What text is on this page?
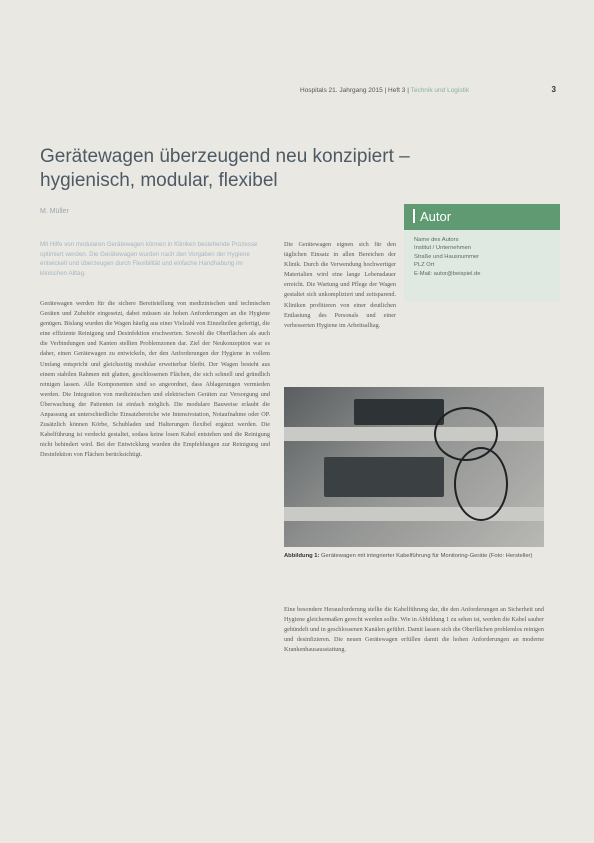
Hospitals 21. Jahrgang 2015 | Heft 3 | Technik und Logistik	3
Gerätewagen überzeugend neu konzipiert – hygienisch, modular, flexibel
M. Müller

Mit Hilfe von modularen Gerätewagen können in Kliniken bestehende Prozesse optimiert werden. Die Gerätewagen wurden nach den Vorgaben der Hygiene entwickelt und überzeugen durch Flexibilität und einfache Handhabung im klinischen Alltag.

Gerätewagen werden für die sichere Bereitstellung von medizinischen und technischen Geräten und Zubehör eingesetzt, dabei müssen sie hohen Anforderungen an die Hygiene genügen. Bislang wurden die Wagen häufig aus einer Vielzahl von Einzelteilen gefertigt, die eine effiziente Reinigung und Desinfektion erschwerten. Sowohl die Oberflächen als auch die Verbindungen und Kanten stellten Problemzonen dar. Ziel der Neukonzeption war es daher, einen Gerätewagen zu entwickeln, der den Anforderungen der Hygiene in vollem Umfang entspricht und gleichzeitig modular erweiterbar bleibt. Der Wagen besteht aus einem stabilen Rahmen mit glatten, geschlossenen Flächen, die sich schnell und gründlich reinigen lassen. Alle Komponenten sind so angeordnet, dass Ablagerungen vermieden werden. Die Integration von medizinischen und elektrischen Geräten zur Versorgung und Überwachung der Patienten ist einfach möglich. Die modulare Bauweise erlaubt die Anpassung an unterschiedliche Einsatzbereiche wie Intensivstation, Notaufnahme oder OP. Zusätzlich können Körbe, Schubladen und Halterungen flexibel ergänzt werden. Die Kabelführung ist verdeckt gestaltet, sodass keine losen Kabel entstehen und die Reinigung nicht behindert wird. Bei der Entwicklung wurden die Empfehlungen zur Reinigung und Desinfektion von Flächen berücksichtigt.

Die Gerätewagen eignen sich für den täglichen Einsatz in allen Bereichen der Klinik. Durch die Verwendung hochwertiger Materialien wird eine lange Lebensdauer erreicht. Die Wartung und Pflege der Wagen gestaltet sich unkompliziert und zeitsparend. Kliniken profitieren von einer deutlichen Entlastung des Personals und einer verbesserten Hygiene im Arbeitsalltag.

Autor
Name des Autors
Institut / Unternehmen
Straße und Hausnummer
PLZ Ort
E-Mail: autor@beispiel.de

Abbildung 1: Gerätewagen mit integrierter Kabelführung für Monitoring-Geräte (Foto: Hersteller)

Eine besondere Herausforderung stellte die Kabelführung dar, die den Anforderungen an Sicherheit und Hygiene gleichermaßen gerecht werden sollte. Wie in Abbildung 1 zu sehen ist, werden die Kabel sauber gebündelt und in geschlossenen Kanälen geführt. Damit lassen sich die Oberflächen problemlos reinigen und desinfizieren. Die neuen Gerätewagen erfüllen damit die hohen Anforderungen an moderne Krankenhausausstattung.
